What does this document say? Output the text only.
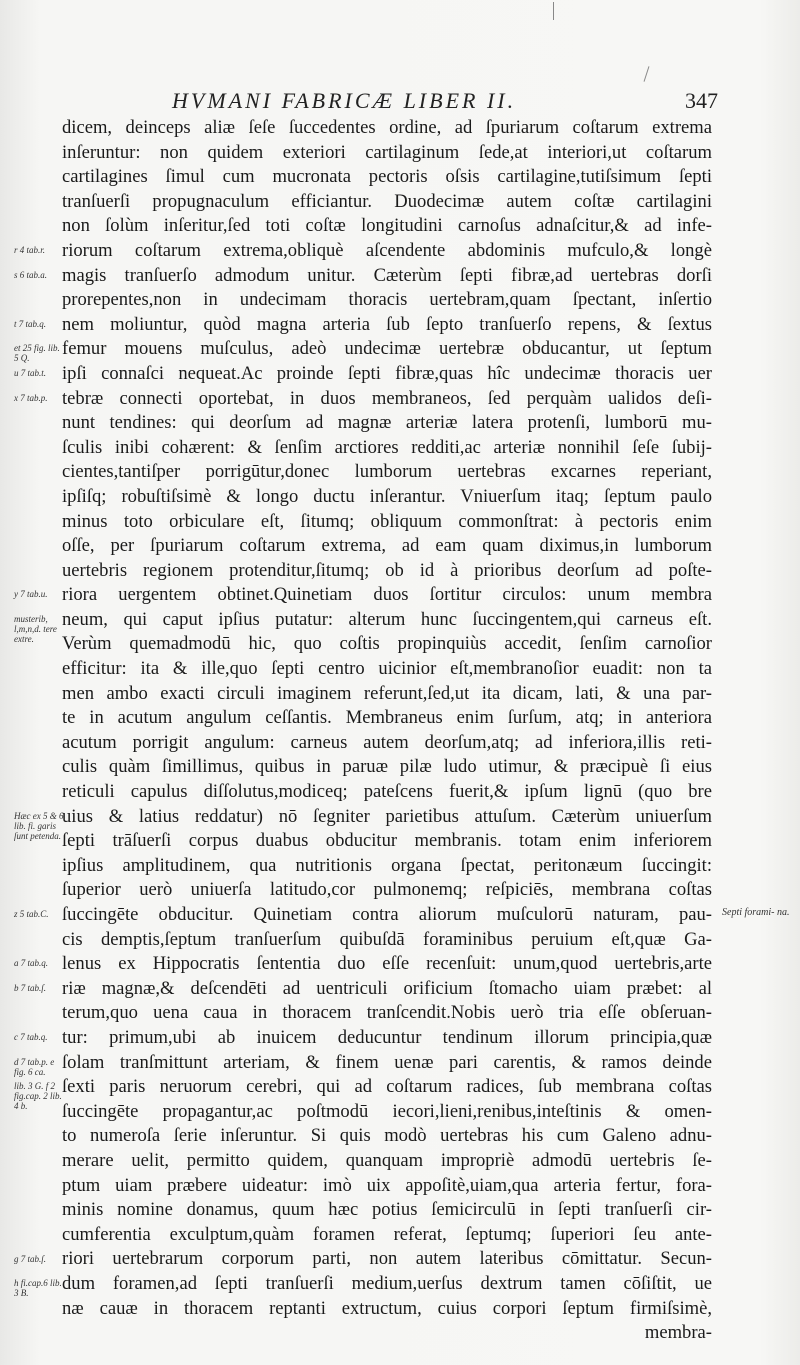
HVMANI FABRICÆ LIBER II.	347
dicem, deinceps aliæ ſeſe ſuccedentes ordine, ad ſpuriarum coſtarum extrema
inſeruntur: non quidem exteriori cartilaginum ſede,at interiori,ut coſtarum
cartilagines ſimul cum mucronata pectoris oſsis cartilagine,tutiſsimum ſepti
tranſuerſi propugnaculum efficiantur. Duodecimæ autem coſtæ cartilagini
non ſolùm inſeritur,ſed toti coſtæ longitudini carnoſus adnaſcitur,& ad infe-
riorum coſtarum extrema,obliquè aſcendente abdominis mufculo,& longè
magis tranſuerſo admodum unitur. Cæterùm ſepti fibræ,ad uertebras dorſi
prorepentes,non in undecimam thoracis uertebram,quam ſpectant, inſertio
nem moliuntur, quòd magna arteria ſub ſepto tranſuerſo repens, & ſextus
femur mouens muſculus, adeò undecimæ uertebræ obducantur, ut ſeptum
ipſi connaſci nequeat.Ac proinde ſepti fibræ,quas hîc undecimæ thoracis uer
tebræ connecti oportebat, in duos membraneos, ſed perquàm ualidos deſi-
nunt tendines: qui deorſum ad magnæ arteriæ latera protenſi, lumborū mu-
ſculis inibi cohærent: & ſenſim arctiores redditi,ac arteriæ nonnihil ſeſe ſubij-
cientes,tantiſper porrigūtur,donec lumborum uertebras excarnes reperiant,
ipſiſq; robuſtiſsimè & longo ductu inſerantur. Vniuerſum itaq; ſeptum paulo
minus toto orbiculare eſt, ſitumq; obliquum commonſtrat: à pectoris enim
oſſe, per ſpuriarum coſtarum extrema, ad eam quam diximus,in lumborum
uertebris regionem protenditur,ſitumq; ob id à prioribus deorſum ad poſte-
riora uergentem obtinet.Quinetiam duos ſortitur circulos: unum membra
neum, qui caput ipſius putatur: alterum hunc ſuccingentem,qui carneus eſt.
Verùm quemadmodū hic, quo coſtis propinquiùs accedit, ſenſim carnoſior
efficitur: ita & ille,quo ſepti centro uicinior eſt,membranoſior euadit: non ta
men ambo exacti circuli imaginem referunt,ſed,ut ita dicam, lati, & una par-
te in acutum angulum ceſſantis. Membraneus enim ſurſum, atq; in anteriora
acutum porrigit angulum: carneus autem deorſum,atq; ad inferiora,illis reti-
culis quàm ſimillimus, quibus in paruæ pilæ ludo utimur, & præcipuè ſi eius
reticuli capulus diſſolutus,modiceq; pateſcens fuerit,& ipſum lignū (quo bre
uius & latius reddatur) nō ſegniter parietibus attuſum. Cæterùm uniuerſum
ſepti trāſuerſi corpus duabus obducitur membranis. totam enim inferiorem
ipſius amplitudinem, qua nutritionis organa ſpectat, peritonæum ſuccingit:
ſuperior uerò uniuerſa latitudo,cor pulmonemq; reſpiciēs, membrana coſtas
ſuccingēte obducitur. Quinetiam contra aliorum muſculorū naturam, pau-
cis demptis,ſeptum tranſuerſum quibuſdā foraminibus peruium eſt,quæ Ga-
lenus ex Hippocratis ſententia duo eſſe recenſuit: unum,quod uertebris,arte
riæ magnæ,& deſcendēti ad uentriculi orificium ſtomacho uiam præbet: al
terum,quo uena caua in thoracem tranſcendit.Nobis uerò tria eſſe obſeruan-
tur: primum,ubi ab inuicem deducuntur tendinum illorum principia,quæ
ſolam tranſmittunt arteriam, & finem uenæ pari carentis, & ramos deinde
ſexti paris neruorum cerebri, qui ad coſtarum radices, ſub membrana coſtas
ſuccingēte propagantur,ac poſtmodū iecori,lieni,renibus,inteſtinis & omen-
to numeroſa ſerie inſeruntur. Si quis modò uertebras his cum Galeno adnu-
merare uelit, permitto quidem, quanquam impropriè admodū uertebris ſe-
ptum uiam præbere uideatur: imò uix appoſitè,uiam,qua arteria fertur, fora-
minis nomine donamus, quum hæc potius ſemicirculū in ſepti tranſuerſi cir-
cumferentia exculptum,quàm foramen referat, ſeptumq; ſuperiori ſeu ante-
riori uertebrarum corporum parti, non autem lateribus cōmittatur. Secun-
dum foramen,ad ſepti tranſuerſi medium,uerſus dextrum tamen cōſiſtit, ue
næ cauæ in thoracem reptanti extructum, cuius corpori ſeptum firmiſsimè,
membra-
r 4 tab.r.
s 6 tab.a.
t 7 tab.q.
et 25 fig. lib. 5 Q.
u 7 tab.t.
x 7 tab.p.
y 7 tab.u.
musterib, l,m,n,d. tere extre.
Hæc ex 5 & 6 lib. fi. garis ſunt petenda.
z 5 tab.C.
a 7 tab.q.
b 7 tab.ſ.
c 7 tab.q.
d 7 tab.p. e fig. 6 ca.
lib. 3 G. f 2 fig.cap. 2 lib. 4 b.
g 7 tab.ſ.
h fi.cap.6 lib. 3 B.
Septi forami- na.
